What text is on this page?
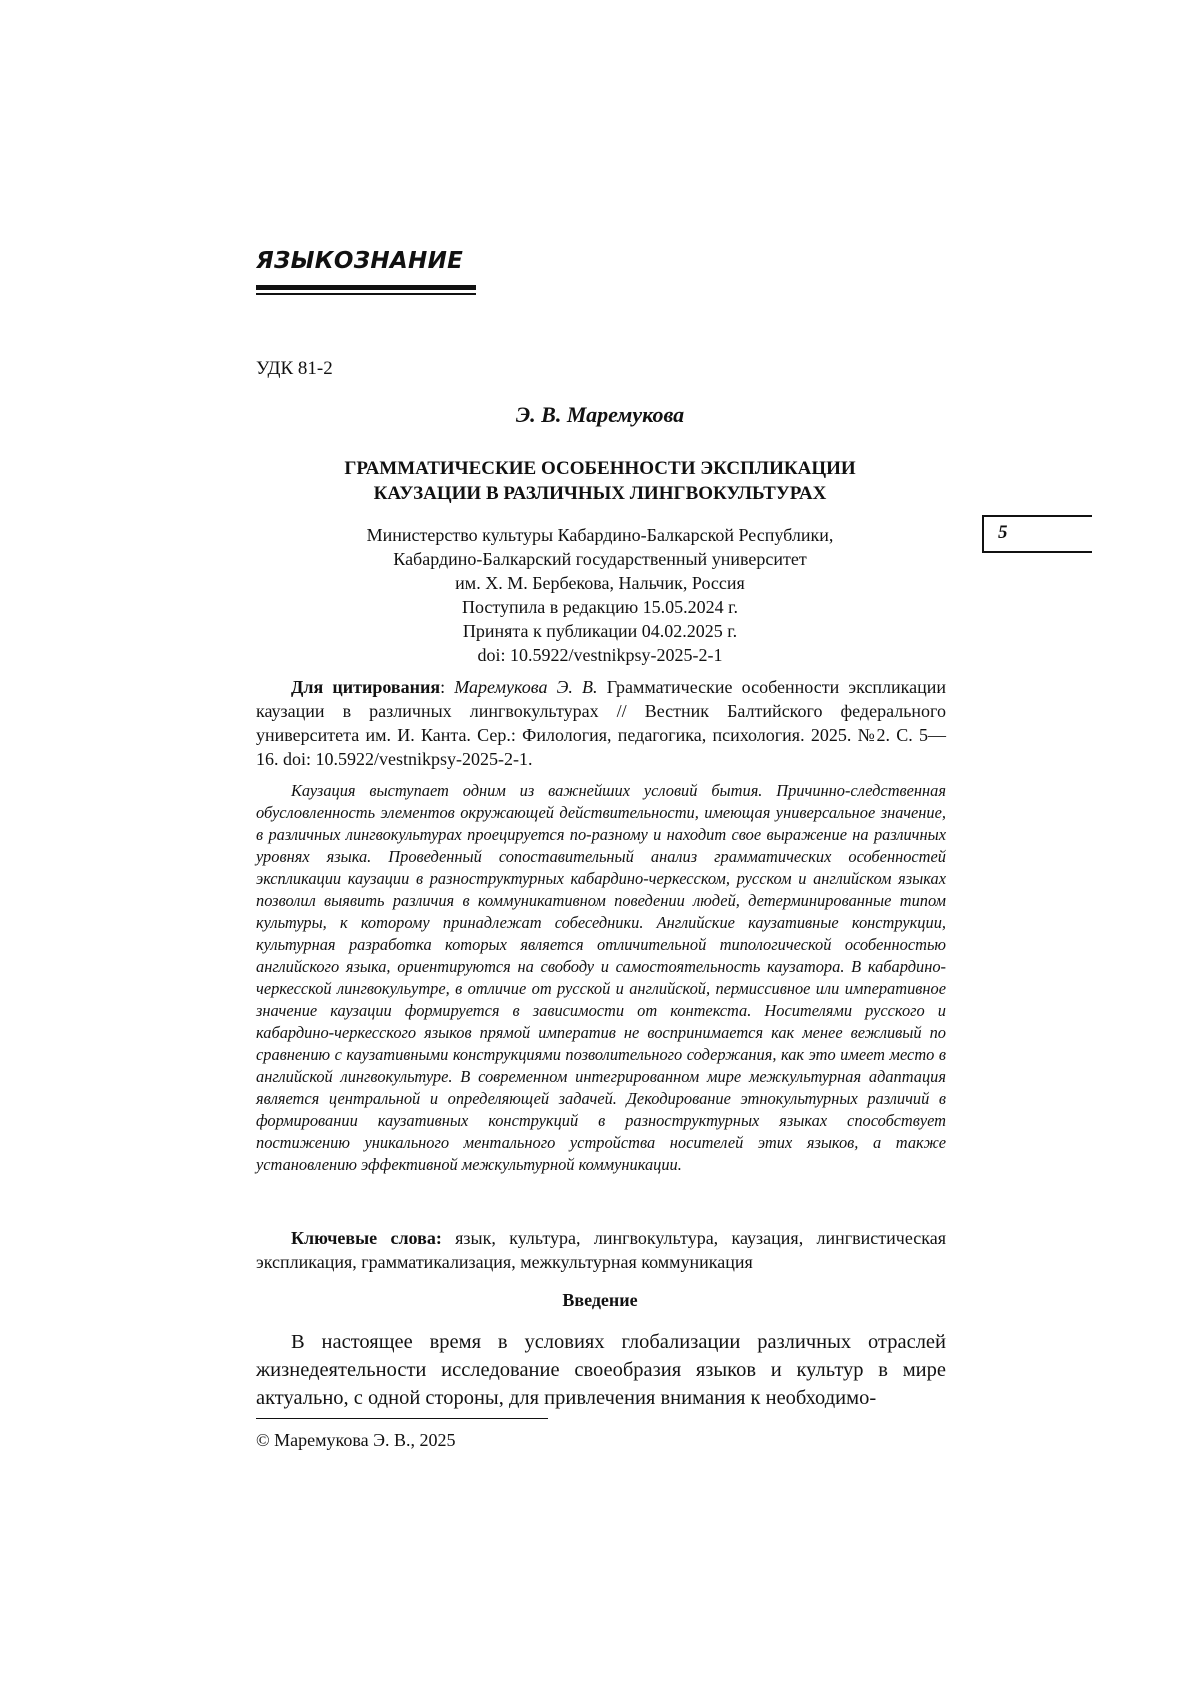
ЯЗЫКОЗНАНИЕ
УДК 81-2
Э. В. Маремукова
ГРАММАТИЧЕСКИЕ ОСОБЕННОСТИ ЭКСПЛИКАЦИИ
КАУЗАЦИИ В РАЗЛИЧНЫХ ЛИНГВОКУЛЬТУРАХ
5
Министерство культуры Кабардино-Балкарской Республики,
Кабардино-Балкарский государственный университет
им. Х. М. Бербекова, Нальчик, Россия
Поступила в редакцию 15.05.2024 г.
Принята к публикации 04.02.2025 г.
doi: 10.5922/vestnikpsy-2025-2-1
Для цитирования: Маремукова Э. В. Грамматические особенности экспликации каузации в различных лингвокультурах // Вестник Балтийского федерального университета им. И. Канта. Сер.: Филология, педагогика, психология. 2025. №2. С. 5—16. doi: 10.5922/vestnikpsy-2025-2-1.
Каузация выступает одним из важнейших условий бытия. Причинно-следственная обусловленность элементов окружающей действительности, имеющая универсальное значение, в различных лингвокультурах проецируется по-разному и находит свое выражение на различных уровнях языка. Проведенный сопоставительный анализ грамматических особенностей экспликации каузации в разноструктурных кабардино-черкесском, русском и английском языках позволил выявить различия в коммуникативном поведении людей, детерминированные типом культуры, к которому принадлежат собеседники. Английские каузативные конструкции, культурная разработка которых является отличительной типологической особенностью английского языка, ориентируются на свободу и самостоятельность каузатора. В кабардино-черкесской лингвокульутре, в отличие от русской и английской, пермиссивное или императивное значение каузации формируется в зависимости от контекста. Носителями русского и кабардино-черкесского языков прямой императив не воспринимается как менее вежливый по сравнению с каузативными конструкциями позволительного содержания, как это имеет место в английской лингвокультуре. В современном интегрированном мире межкультурная адаптация является центральной и определяющей задачей. Декодирование этнокультурных различий в формировании каузативных конструкций в разноструктурных языках способствует постижению уникального ментального устройства носителей этих языков, а также установлению эффективной межкультурной коммуникации.
Ключевые слова: язык, культура, лингвокультура, каузация, лингвистическая экспликация, грамматикализация, межкультурная коммуникация
Введение
В настоящее время в условиях глобализации различных отраслей жизнедеятельности исследование своеобразия языков и культур в мире актуально, с одной стороны, для привлечения внимания к необходимо-
© Маремукова Э. В., 2025
